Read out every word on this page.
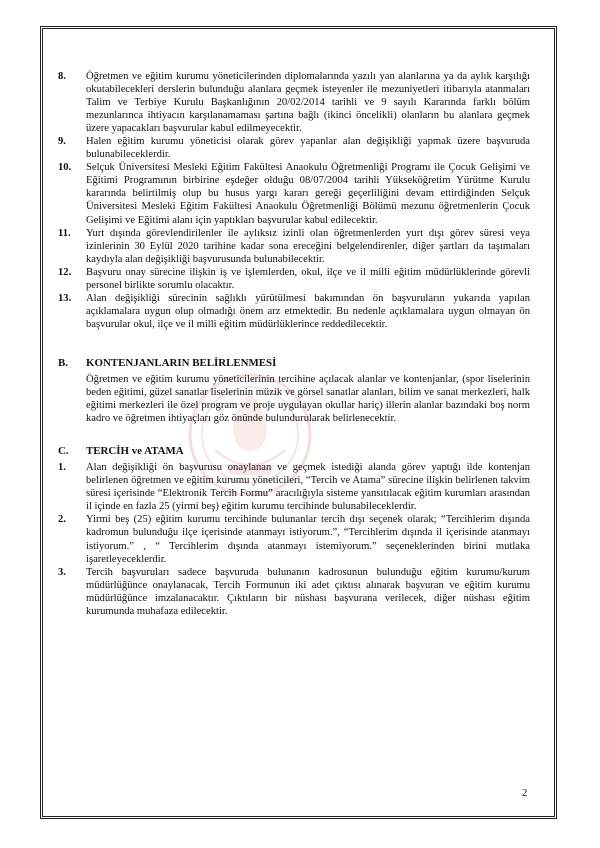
8.	Öğretmen ve eğitim kurumu yöneticilerinden diplomalarında yazılı yan alanlarına ya da aylık karşılığı okutabilecekleri derslerin bulunduğu alanlara geçmek isteyenler ile mezuniyetleri itibarıyla atanmaları Talim ve Terbiye Kurulu Başkanlığının 20/02/2014 tarihli ve 9 sayılı Kararında farklı bölüm mezunlarınca ihtiyacın karşılanamaması şartına bağlı (ikinci öncelikli) olanların bu alanlara geçmek üzere yapacakları başvurular kabul edilmeyecektir.
9.	Halen eğitim kurumu yöneticisi olarak görev yapanlar alan değişikliği yapmak üzere başvuruda bulunabileceklerdir.
10.	Selçuk Üniversitesi Mesleki Eğitim Fakültesi Anaokulu Öğretmenliği Programı ile Çocuk Gelişimi ve Eğitimi Programının birbirine eşdeğer olduğu 08/07/2004 tarihli Yükseköğretim Yürütme Kurulu kararında belirtilmiş olup bu husus yargı kararı gereği geçerliliğini devam ettirdiğinden Selçuk Üniversitesi Mesleki Eğitim Fakültesi Anaokulu Öğretmenliği Bölümü mezunu öğretmenlerin Çocuk Gelişimi ve Eğitimi alanı için yaptıkları başvurular kabul edilecektir.
11.	Yurt dışında görevlendirilenler ile aylıksız izinli olan öğretmenlerden yurt dışı görev süresi veya izinlerinin 30 Eylül 2020 tarihine kadar sona ereceğini belgelendirenler, diğer şartları da taşımaları kaydıyla alan değişikliği başvurusunda bulunabilecektir.
12.	Başvuru onay sürecine ilişkin iş ve işlemlerden, okul, ilçe ve il milli eğitim müdürlüklerinde görevli personel birlikte sorumlu olacaktır.
13.	Alan değişikliği sürecinin sağlıklı yürütülmesi bakımından ön başvuruların yukarıda yapılan açıklamalara uygun olup olmadığı önem arz etmektedir. Bu nedenle açıklamalara uygun olmayan ön başvurular okul, ilçe ve il milli eğitim müdürlüklerince reddedilecektir.
B.	KONTENJANLARIN BELİRLENMESİ
Öğretmen ve eğitim kurumu yöneticilerinin tercihine açılacak alanlar ve kontenjanlar, (spor liselerinin beden eğitimi, güzel sanatlar liselerinin müzik ve görsel sanatlar alanları, bilim ve sanat merkezleri, halk eğitimi merkezleri ile özel program ve proje uygulayan okullar hariç) illerin alanlar bazındaki boş norm kadro ve öğretmen ihtiyaçları göz önünde bulundurularak belirlenecektir.
C.	TERCİH ve ATAMA
1.	Alan değişikliği ön başvurusu onaylanan ve geçmek istediği alanda görev yaptığı ilde kontenjan belirlenen öğretmen ve eğitim kurumu yöneticileri, “Tercih ve Atama” sürecine ilişkin belirlenen takvim süresi içerisinde “Elektronik Tercih Formu” aracılığıyla sisteme yansıtılacak eğitim kurumları arasından il içinde en fazla 25 (yirmi beş) eğitim kurumu tercihinde bulunabileceklerdir.
2.	Yirmi beş (25) eğitim kurumu tercihinde bulunanlar tercih dışı seçenek olarak; “Tercihlerim dışında kadromun bulunduğu ilçe içerisinde atanmayı istiyorum.”, “Tercihlerim dışında il içerisinde atanmayı istiyorum.” , “ Tercihlerim dışında atanmayı istemiyorum.” seçeneklerinden birini mutlaka işaretleyeceklerdir.
3.	Tercih başvuruları sadece başvuruda bulunanın kadrosunun bulunduğu eğitim kurumu/kurum müdürlüğünce onaylanacak, Tercih Formunun iki adet çıktısı alınarak başvuran ve eğitim kurumu müdürlüğünce imzalanacaktır. Çıktıların bir nüshası başvurana verilecek, diğer nüshası eğitim kurumunda muhafaza edilecektir.
2
